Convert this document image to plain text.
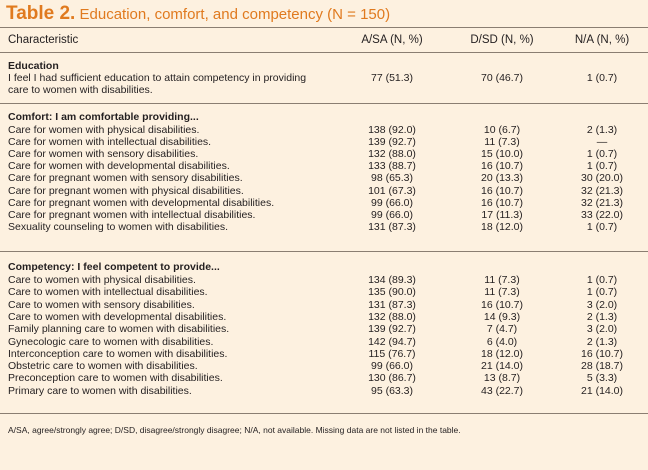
Table 2. Education, comfort, and competency (N = 150)
Characteristic	A/SA (N, %)	D/SD (N, %)	N/A (N, %)
Education
I feel I had sufficient education to attain competency in providing
care to women with disabilities.
77 (51.3)	70 (46.7)	1 (0.7)
Comfort: I am comfortable providing...
Care for women with physical disabilities.	138 (92.0)	10 (6.7)	2 (1.3)
Care for women with intellectual disabilities.	139 (92.7)	11 (7.3)	—
Care for women with sensory disabilities.	132 (88.0)	15 (10.0)	1 (0.7)
Care for women with developmental disabilities.	133 (88.7)	16 (10.7)	1 (0.7)
Care for pregnant women with sensory disabilities.	98 (65.3)	20 (13.3)	30 (20.0)
Care for pregnant women with physical disabilities.	101 (67.3)	16 (10.7)	32 (21.3)
Care for pregnant women with developmental disabilities.	99 (66.0)	16 (10.7)	32 (21.3)
Care for pregnant women with intellectual disabilities.	99 (66.0)	17 (11.3)	33 (22.0)
Sexuality counseling to women with disabilities.	131 (87.3)	18 (12.0)	1 (0.7)
Competency: I feel competent to provide...
Care to women with physical disabilities.	134 (89.3)	11 (7.3)	1 (0.7)
Care to women with intellectual disabilities.	135 (90.0)	11 (7.3)	1 (0.7)
Care to women with sensory disabilities.	131 (87.3)	16 (10.7)	3 (2.0)
Care to women with developmental disabilities.	132 (88.0)	14 (9.3)	2 (1.3)
Family planning care to women with disabilities.	139 (92.7)	7 (4.7)	3 (2.0)
Gynecologic care to women with disabilities.	142 (94.7)	6 (4.0)	2 (1.3)
Interconception care to women with disabilities.	115 (76.7)	18 (12.0)	16 (10.7)
Obstetric care to women with disabilities.	99 (66.0)	21 (14.0)	28 (18.7)
Preconception care to women with disabilities.	130 (86.7)	13 (8.7)	5 (3.3)
Primary care to women with disabilities.	95 (63.3)	43 (22.7)	21 (14.0)
A/SA, agree/strongly agree; D/SD, disagree/strongly disagree; N/A, not available. Missing data are not listed in the table.
